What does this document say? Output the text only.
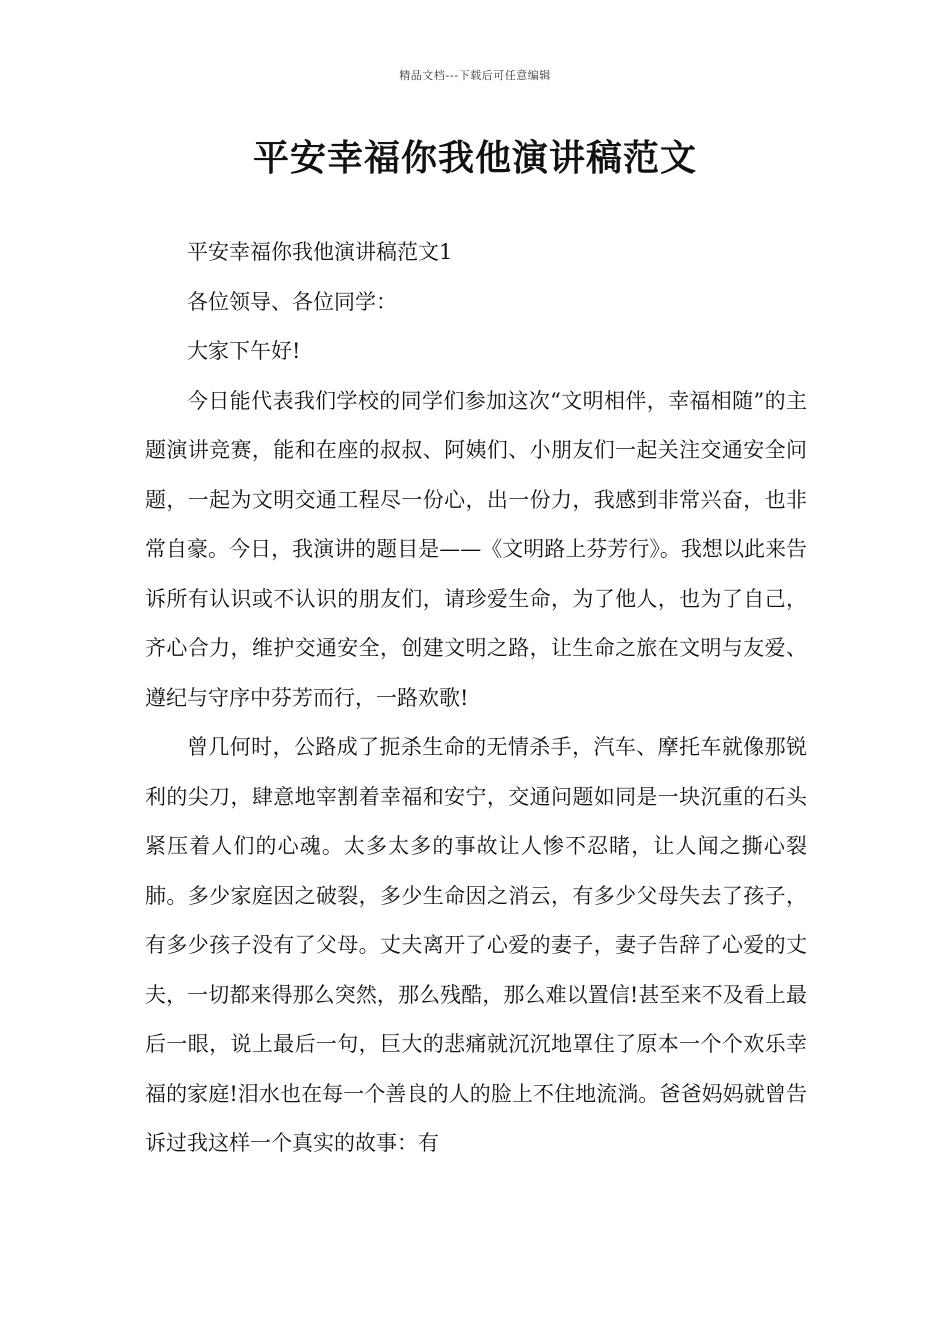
精品文档---下载后可任意编辑
平安幸福你我他演讲稿范文

平安幸福你我他演讲稿范文1

各位领导、各位同学：

大家下午好!

今日能代表我们学校的同学们参加这次“文明相伴，幸福相随”的主题演讲竞赛，能和在座的叔叔、阿姨们、小朋友们一起关注交通安全问题，一起为文明交通工程尽一份心，出一份力，我感到非常兴奋，也非常自豪。今日，我演讲的题目是——《文明路上芬芳行》。我想以此来告诉所有认识或不认识的朋友们，请珍爱生命，为了他人，也为了自己，齐心合力，维护交通安全，创建文明之路，让生命之旅在文明与友爱、遵纪与守序中芬芳而行，一路欢歌!

曾几何时，公路成了扼杀生命的无情杀手，汽车、摩托车就像那锐利的尖刀，肆意地宰割着幸福和安宁，交通问题如同是一块沉重的石头紧压着人们的心魂。太多太多的事故让人惨不忍睹，让人闻之撕心裂肺。多少家庭因之破裂，多少生命因之消云，有多少父母失去了孩子，有多少孩子没有了父母。丈夫离开了心爱的妻子，妻子告辞了心爱的丈夫，一切都来得那么突然，那么残酷，那么难以置信!甚至来不及看上最后一眼，说上最后一句，巨大的悲痛就沉沉地罩住了原本一个个欢乐幸福的家庭!泪水也在每一个善良的人的脸上不住地流淌。爸爸妈妈就曾告诉过我这样一个真实的故事：有
